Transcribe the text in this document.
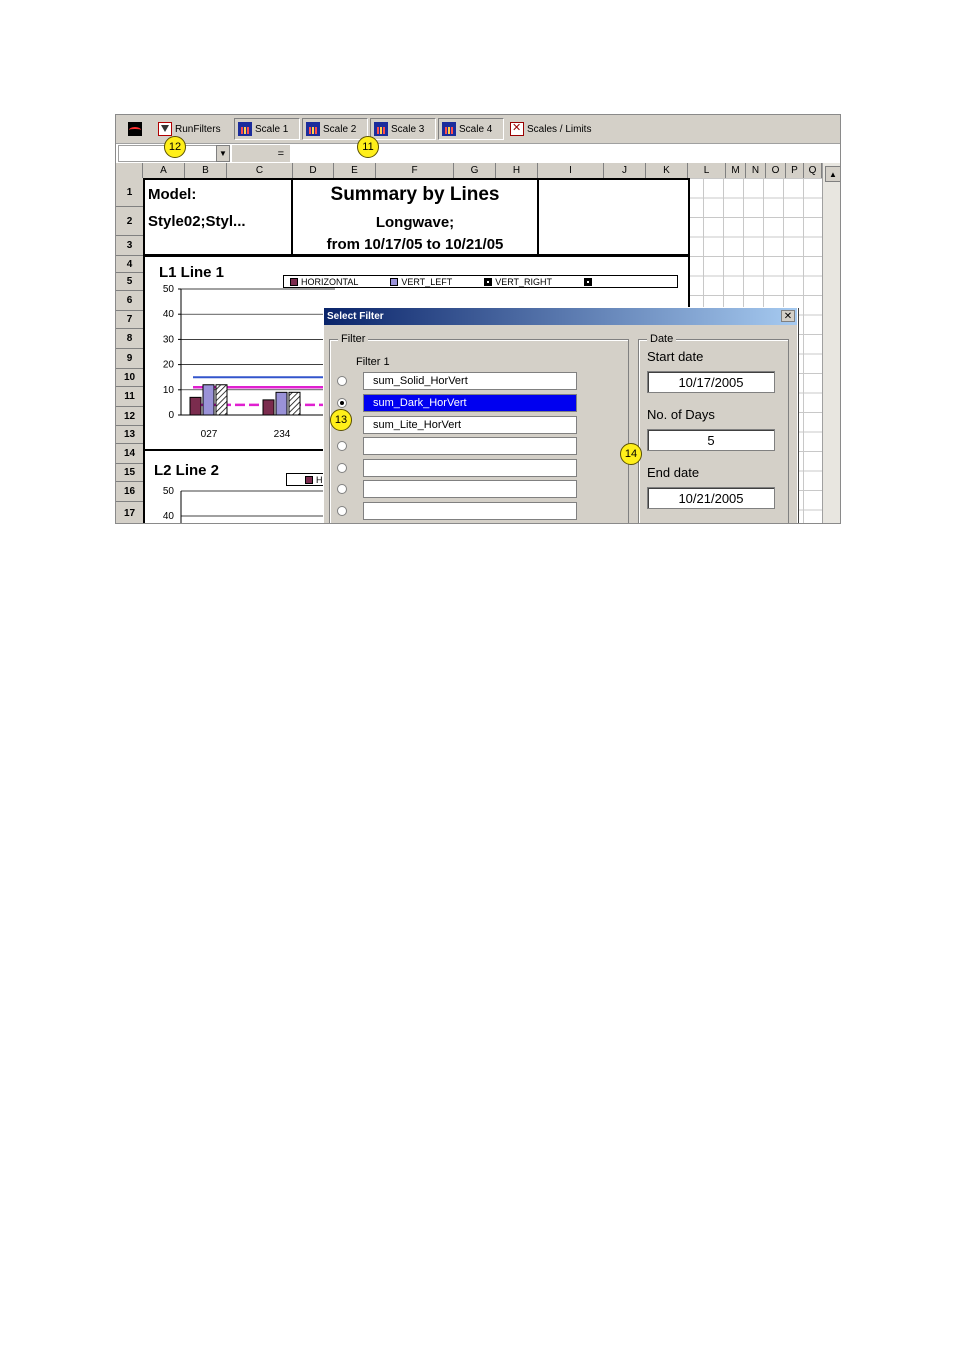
RunFilters	Scale 1	Scale 2	Scale 3	Scale 4
✕	Scales / Limits
▼	=
A	B	C	D	E	F	G	H	I	J	K	L	M	N	O	P	Q
1
2
3
4
5
6
7
8
9
10
11
12
13
14
15
16
17
▲
Model:
Style02;Styl...
Summary by Lines
Longwave;
from 10/17/05 to 10/21/05
L1 Line 1
HORIZONTAL	VERT_LEFT	VERT_RIGHT
50
40
30
20
10
0
027	234
L2 Line 2
H
50
40
Select Filter	✕
Filter
Filter 1
sum_Solid_HorVert
sum_Dark_HorVert
sum_Lite_HorVert
Date
Start date
10/17/2005
No. of Days
5
End date
10/21/2005
12	11
13
14
